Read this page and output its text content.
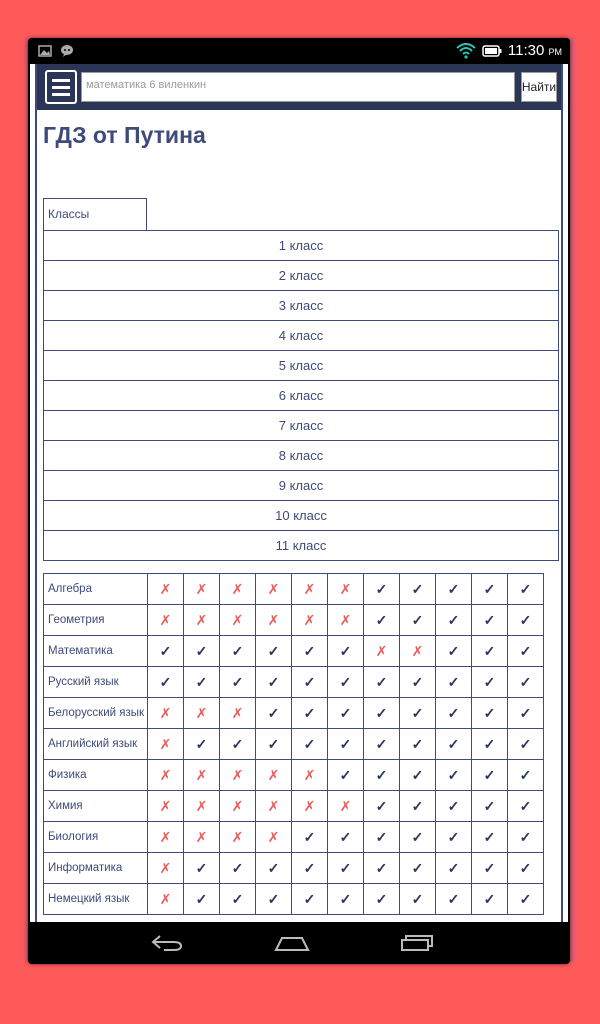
11:30 PM
математика 6 виленкин	Найти
ГДЗ от Путина
Классы
1 класс
2 класс
3 класс
4 класс
5 класс
6 класс
7 класс
8 класс
9 класс
10 класс
11 класс
Алгебра	✗	✗	✗	✗	✗	✗	✓	✓	✓	✓	✓
Геометрия	✗	✗	✗	✗	✗	✗	✓	✓	✓	✓	✓
Математика	✓	✓	✓	✓	✓	✓	✗	✗	✓	✓	✓
Русский язык	✓	✓	✓	✓	✓	✓	✓	✓	✓	✓	✓
Белорусский язык	✗	✗	✗	✓	✓	✓	✓	✓	✓	✓	✓
Английский язык	✗	✓	✓	✓	✓	✓	✓	✓	✓	✓	✓
Физика	✗	✗	✗	✗	✗	✓	✓	✓	✓	✓	✓
Химия	✗	✗	✗	✗	✗	✗	✓	✓	✓	✓	✓
Биология	✗	✗	✗	✗	✓	✓	✓	✓	✓	✓	✓
Информатика	✗	✓	✓	✓	✓	✓	✓	✓	✓	✓	✓
Немецкий язык	✗	✓	✓	✓	✓	✓	✓	✓	✓	✓	✓
